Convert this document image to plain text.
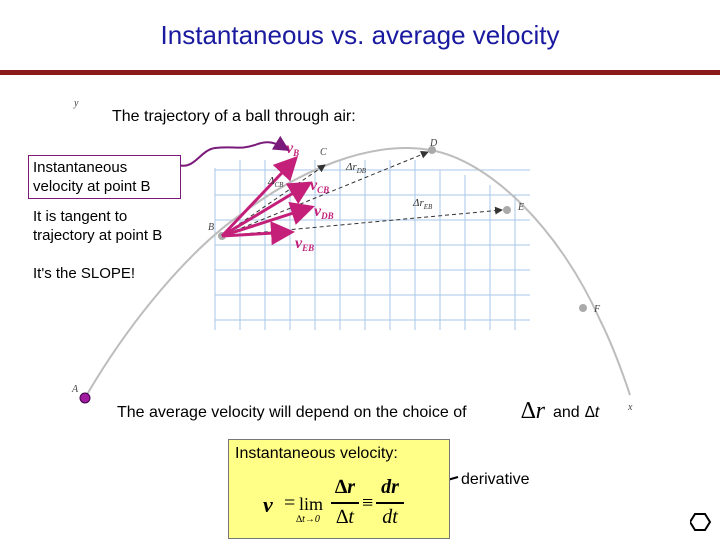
Instantaneous vs. average velocity
A
B
C
D
E
F
y
x
vB
vCB
vDB
vEB
$\Delta r_{DB}$
$\Delta r_{EB}$
$\Delta_{CB}$
The trajectory of a ball through air:
Instantaneous velocity at point B
It is tangent to trajectory at point B
It's the SLOPE!
The average velocity will depend on the choice of ∆r and ∆t
Instantaneous velocity:
v = lim
∆t→0
∆r
∆t
≡
dr
dt
derivative
